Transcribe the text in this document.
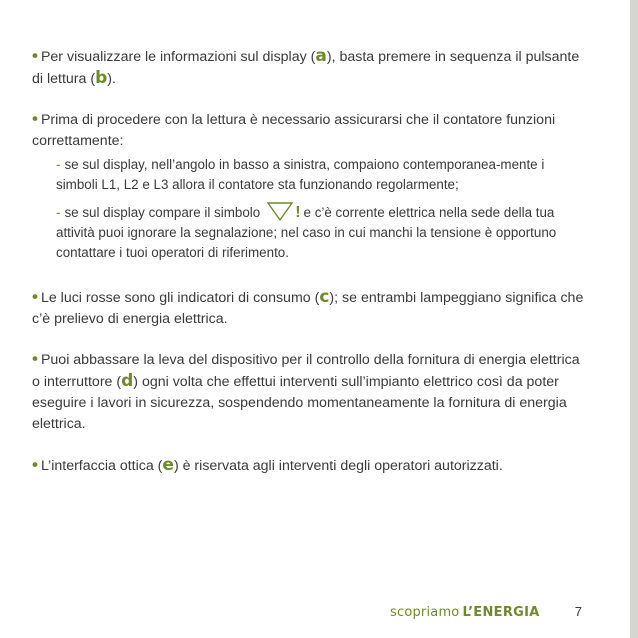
• Per visualizzare le informazioni sul display (a), basta premere in sequenza il pulsante di lettura (b).

• Prima di procedere con la lettura è necessario assicurarsi che il contatore funzioni correttamente:

- se sul display, nell’angolo in basso a sinistra, compaiono contemporanea-mente i simboli L1, L2 e L3 allora il contatore sta funzionando regolarmente;

- se sul display compare il simbolo ! e c’è corrente elettrica nella sede della tua attività puoi ignorare la segnalazione; nel caso in cui manchi la tensione è opportuno contattare i tuoi operatori di riferimento.

• Le luci rosse sono gli indicatori di consumo (c); se entrambi lampeggiano significa che c’è prelievo di energia elettrica.

• Puoi abbassare la leva del dispositivo per il controllo della fornitura di energia elettrica o interruttore (d) ogni volta che effettui interventi sull’impianto elettrico così da poter eseguire i lavori in sicurezza, sospendendo momentaneamente la fornitura di energia elettrica.

• L’interfaccia ottica (e) è riservata agli interventi degli operatori autorizzati.

scopriamo L’ENERGIA	7
